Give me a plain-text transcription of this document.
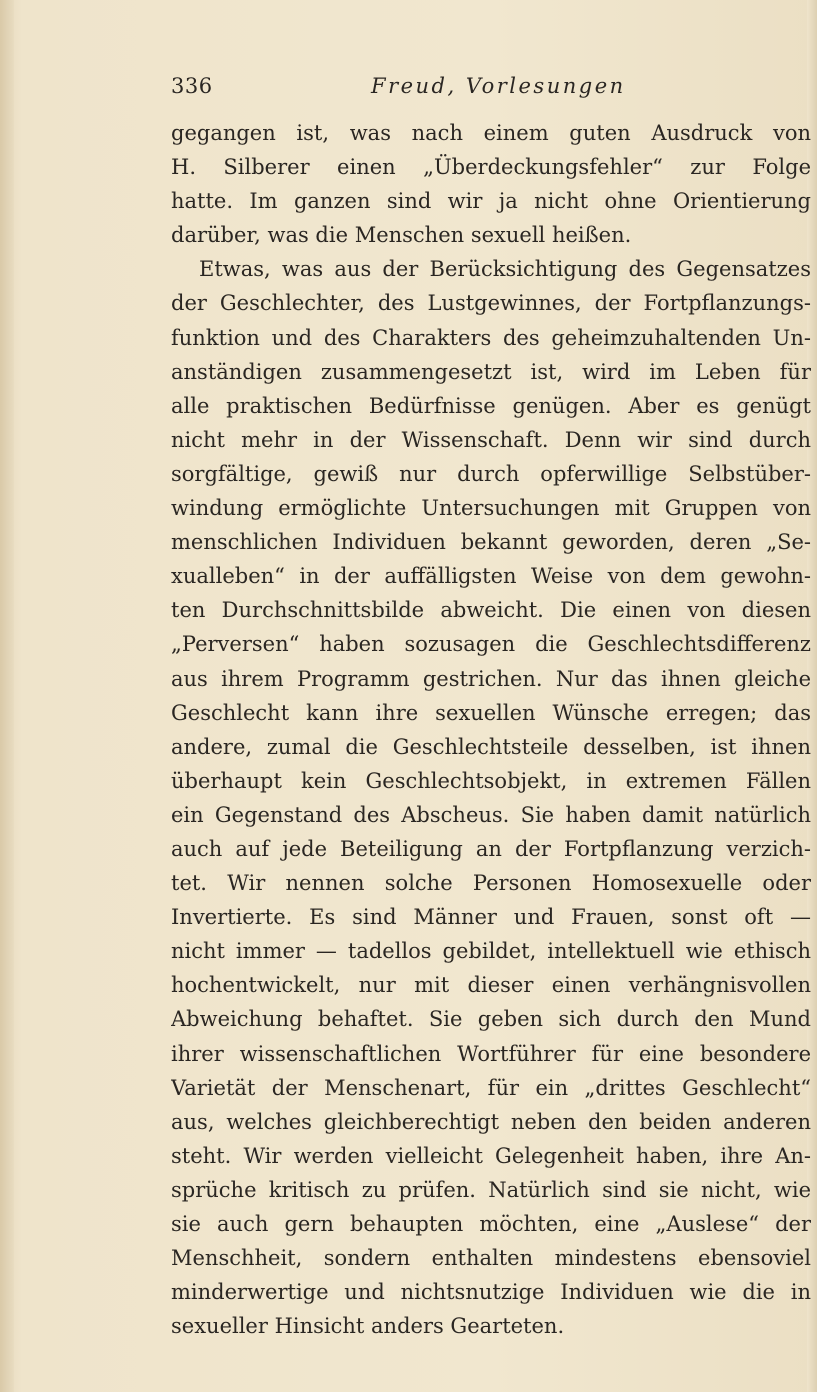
336	Freud, Vorlesungen
gegangen ist, was nach einem guten Ausdruck von
H. Silberer einen „Überdeckungsfehler“ zur Folge
hatte. Im ganzen sind wir ja nicht ohne Orientierung
darüber, was die Menschen sexuell heißen.
Etwas, was aus der Berücksichtigung des Gegensatzes
der Geschlechter, des Lustgewinnes, der Fortpflanzungs-
funktion und des Charakters des geheimzuhaltenden Un-
anständigen zusammengesetzt ist, wird im Leben für
alle praktischen Bedürfnisse genügen. Aber es genügt
nicht mehr in der Wissenschaft. Denn wir sind durch
sorgfältige, gewiß nur durch opferwillige Selbstüber-
windung ermöglichte Untersuchungen mit Gruppen von
menschlichen Individuen bekannt geworden, deren „Se-
xualleben“ in der auffälligsten Weise von dem gewohn-
ten Durchschnittsbilde abweicht. Die einen von diesen
„Perversen“ haben sozusagen die Geschlechtsdifferenz
aus ihrem Programm gestrichen. Nur das ihnen gleiche
Geschlecht kann ihre sexuellen Wünsche erregen; das
andere, zumal die Geschlechtsteile desselben, ist ihnen
überhaupt kein Geschlechtsobjekt, in extremen Fällen
ein Gegenstand des Abscheus. Sie haben damit natürlich
auch auf jede Beteiligung an der Fortpflanzung verzich-
tet. Wir nennen solche Personen Homosexuelle oder
Invertierte. Es sind Männer und Frauen, sonst oft —
nicht immer — tadellos gebildet, intellektuell wie ethisch
hochentwickelt, nur mit dieser einen verhängnisvollen
Abweichung behaftet. Sie geben sich durch den Mund
ihrer wissenschaftlichen Wortführer für eine besondere
Varietät der Menschenart, für ein „drittes Geschlecht“
aus, welches gleichberechtigt neben den beiden anderen
steht. Wir werden vielleicht Gelegenheit haben, ihre An-
sprüche kritisch zu prüfen. Natürlich sind sie nicht, wie
sie auch gern behaupten möchten, eine „Auslese“ der
Menschheit, sondern enthalten mindestens ebensoviel
minderwertige und nichtsnutzige Individuen wie die in
sexueller Hinsicht anders Gearteten.
